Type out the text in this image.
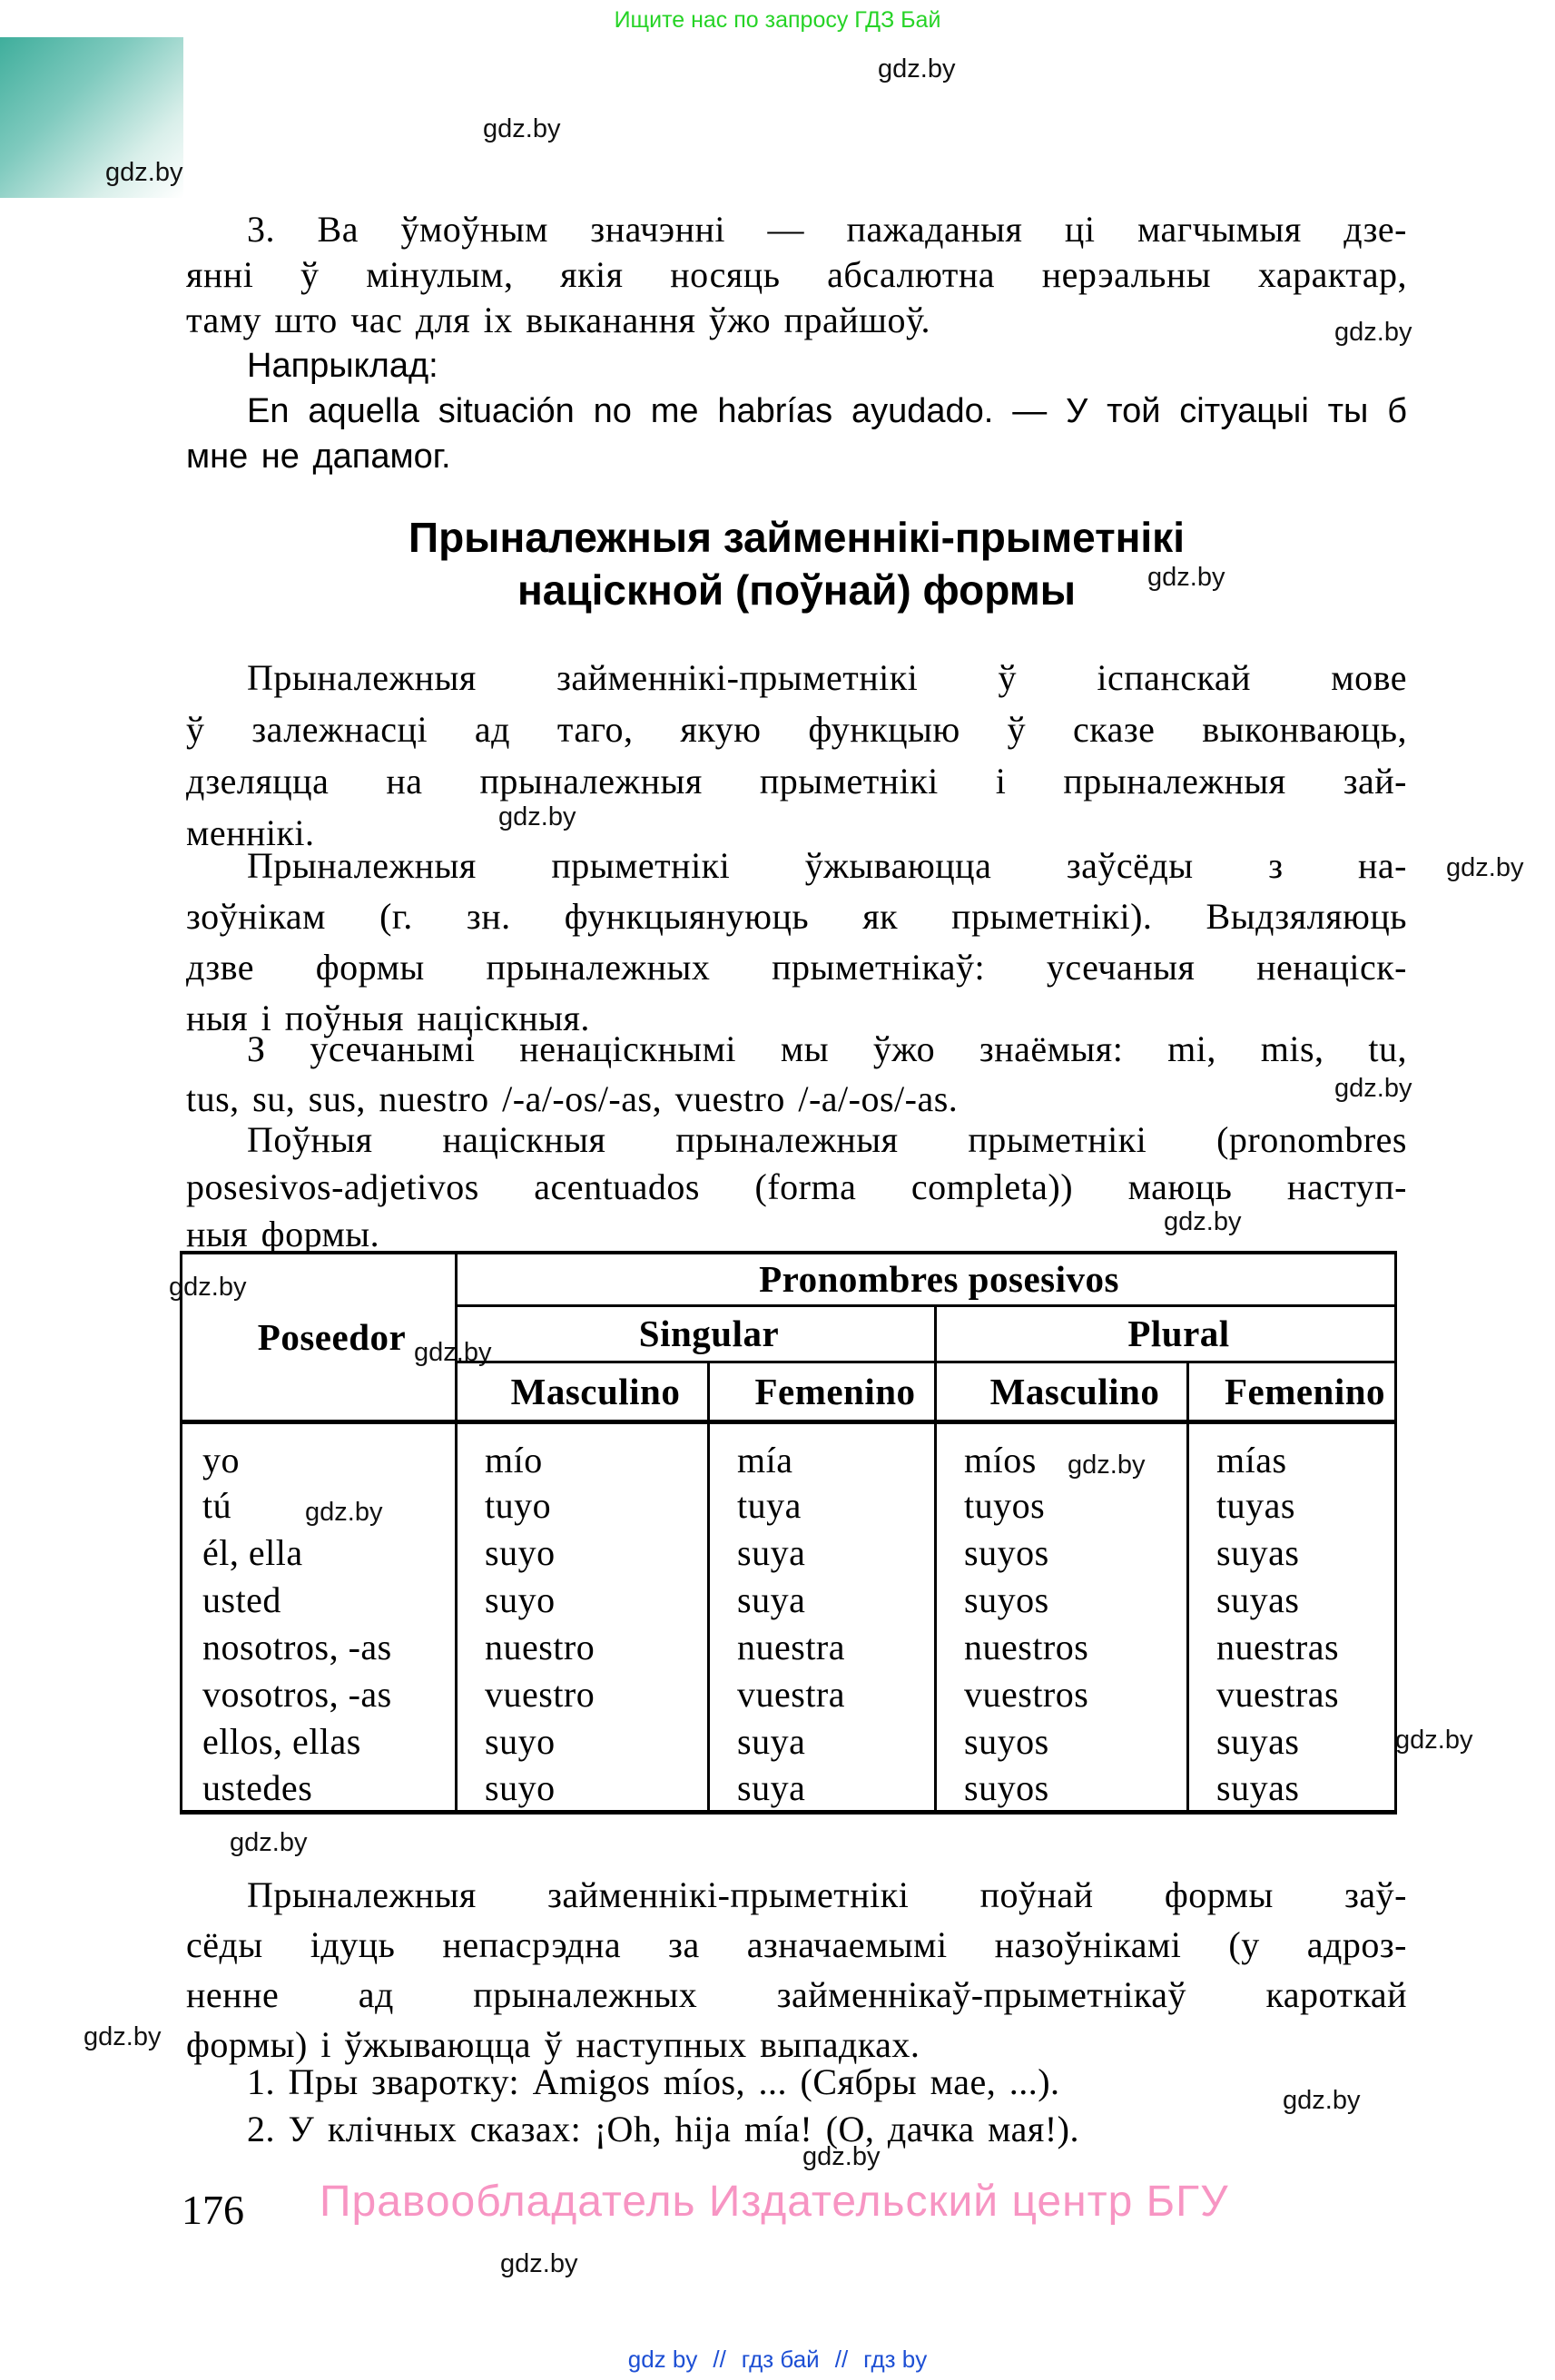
Ищите нас по запросу ГДЗ Бай
gdz.by
gdz.by
gdz.by
gdz.by
gdz.by
gdz.by
gdz.by
gdz.by
gdz.by
gdz.by
gdz.by
gdz.by
gdz.by
gdz.by
gdz.by
gdz.by
gdz.by
gdz.by
gdz.by
3. Ва ўмоўным значэнні — пажаданыя ці магчымыя дзе-
янні ў мінулым, якія носяць абсалютна нерэальны характар,
таму што час для іх выканання ўжо прайшоў.
Напрыклад:
En aquella situación no me habrías ayudado. — У той сітуацыі ты б
мне не дапамог.
Прыналежныя займеннікі-прыметнікі
націскной (поўнай) формы
Прыналежныя займеннікі-прыметнікі ў іспанскай мове
ў залежнасці ад таго, якую функцыю ў сказе выконваюць,
дзеляцца на прыналежныя прыметнікі і прыналежныя зай-
меннікі.
Прыналежныя прыметнікі ўжываюцца заўсёды з на-
зоўнікам (г. зн. функцыянуюць як прыметнікі). Выдзяляюць
дзве формы прыналежных прыметнікаў: усечаныя ненаціск-
ныя і поўныя націскныя.
З усечанымі ненаціскнымі мы ўжо знаёмыя: mi, mis, tu,
tus, su, sus, nuestro /-a/-os/-as, vuestro /-a/-os/-as.
Поўныя націскныя прыналежныя прыметнікі (pronombres
posesivos-adjetivos acentuados (forma completa)) маюць наступ-
ныя формы.
Poseedor	Pronombres posesivos			
	Singular		Plural	
	Masculino	Femenino	Masculino	Femenino
yo	mío	mía	míos	mías
tú	tuyo	tuya	tuyos	tuyas
él, ella	suyo	suya	suyos	suyas
usted	suyo	suya	suyos	suyas
nosotros, -as	nuestro	nuestra	nuestros	nuestras
vosotros, -as	vuestro	vuestra	vuestros	vuestras
ellos, ellas	suyo	suya	suyos	suyas
ustedes	suyo	suya	suyos	suyas
Прыналежныя займеннікі-прыметнікі поўнай формы заў-
сёды ідуць непасрэдна за азначаемымі назоўнікамі (у адроз-
ненне ад прыналежных займеннікаў-прыметнікаў кароткай
формы) і ўжываюцца ў наступных выпадках.
1. Пры зваротку: Amigos míos, ... (Сябры мае, ...).
2. У клічных сказах: ¡Oh, hija mía! (О, дачка мая!).
176 Правообладатель Издательский центр БГУ
gdz by // гдз бай // гдз by
